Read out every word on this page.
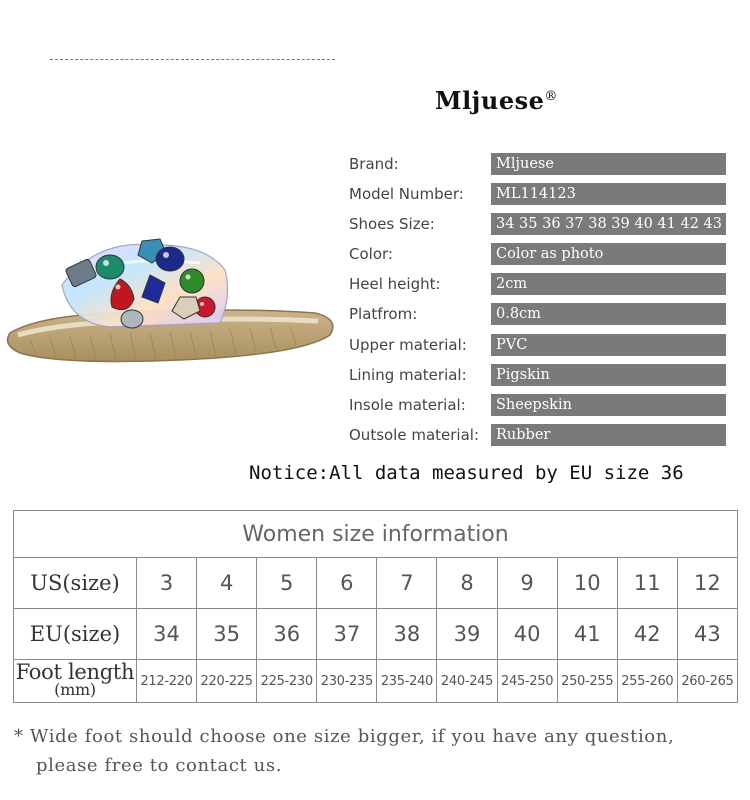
Mljuese®
Brand:	Mljuese
Model Number:	ML114123
Shoes Size:	34 35 36 37 38 39 40 41 42 43
Color:	Color as photo
Heel height:	2cm
Platfrom:	0.8cm
Upper material:	PVC
Lining material:	Pigskin
Insole material:	Sheepskin
Outsole material:	Rubber
Notice:All data measured by EU size 36
Women size information										
US(size)	3	4	5	6	7	8	9	10	11	12
EU(size)	34	35	36	37	38	39	40	41	42	43
Foot length
(mm)	212-220	220-225	225-230	230-235	235-240	240-245	245-250	250-255	255-260	260-265
* Wide foot should choose one size bigger, if you have any question,
please free to contact us.
